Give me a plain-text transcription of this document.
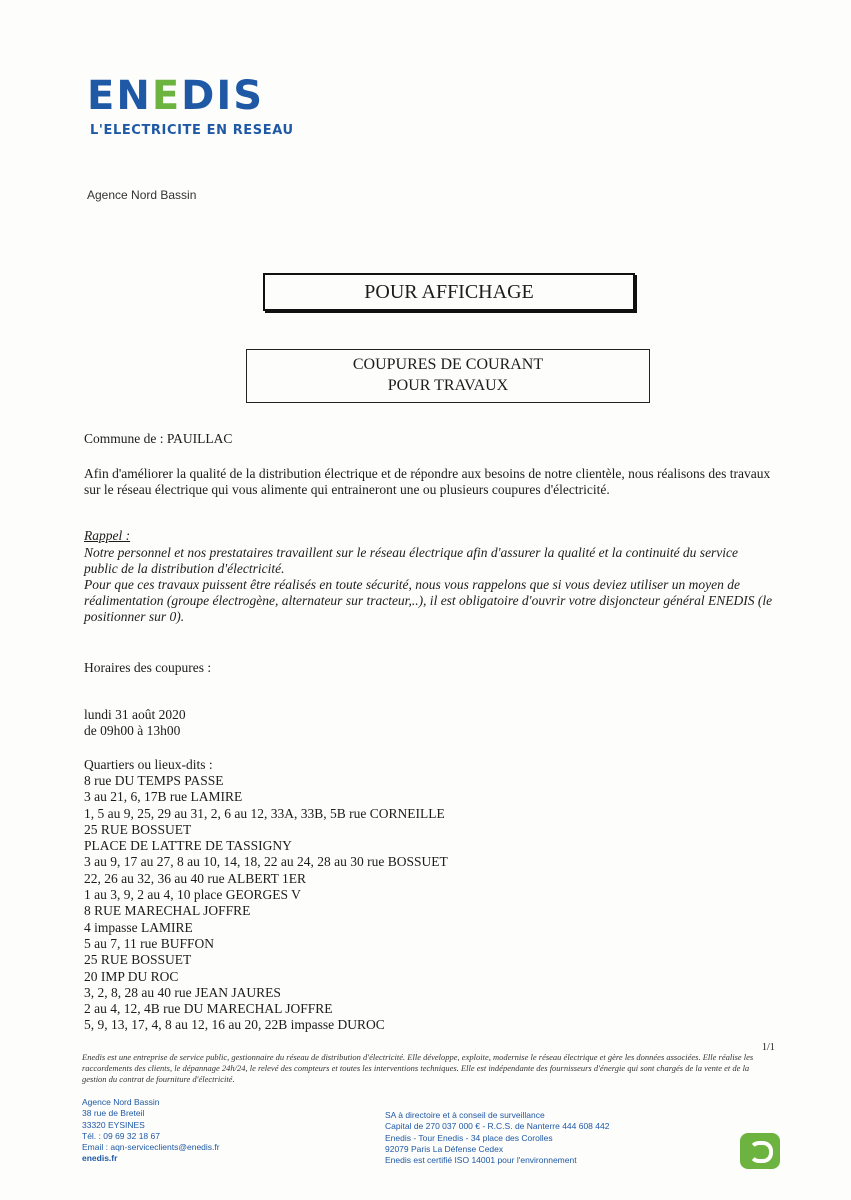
ENEDIS
L'ELECTRICITE EN RESEAU
Agence Nord Bassin
POUR AFFICHAGE
COUPURES DE COURANT
POUR TRAVAUX
Commune de : PAUILLAC
Afin d'améliorer la qualité de la distribution électrique et de répondre aux besoins de notre clientèle, nous réalisons des travaux sur le réseau électrique qui vous alimente qui entraineront une ou plusieurs coupures d'électricité.
Rappel :

Notre personnel et nos prestataires travaillent sur le réseau électrique afin d'assurer la qualité et la continuité du service public de la distribution d'électricité.

Pour que ces travaux puissent être réalisés en toute sécurité, nous vous rappelons que si vous deviez utiliser un moyen de réalimentation (groupe électrogène, alternateur sur tracteur,..), il est obligatoire d'ouvrir votre disjoncteur général ENEDIS (le positionner sur 0).

Horaires des coupures :
lundi 31 août 2020
de 09h00 à 13h00
Quartiers ou lieux-dits :
8 rue DU TEMPS PASSE
3 au 21, 6, 17B rue LAMIRE
1, 5 au 9, 25, 29 au 31, 2, 6 au 12, 33A, 33B, 5B rue CORNEILLE
25 RUE BOSSUET
PLACE DE LATTRE DE TASSIGNY
3 au 9, 17 au 27, 8 au 10, 14, 18, 22 au 24, 28 au 30 rue BOSSUET
22, 26 au 32, 36 au 40 rue ALBERT 1ER
1 au 3, 9, 2 au 4, 10 place GEORGES V
8 RUE MARECHAL JOFFRE
4 impasse LAMIRE
5 au 7, 11 rue BUFFON
25 RUE BOSSUET
20 IMP DU ROC
3, 2, 8, 28 au 40 rue JEAN JAURES
2 au 4, 12, 4B rue DU MARECHAL JOFFRE
5, 9, 13, 17, 4, 8 au 12, 16 au 20, 22B impasse DUROC
1/1
Enedis est une entreprise de service public, gestionnaire du réseau de distribution d'électricité. Elle développe, exploite, modernise le réseau électrique et gère les données associées. Elle réalise les raccordements des clients, le dépannage 24h/24, le relevé des compteurs et toutes les interventions techniques. Elle est indépendante des fournisseurs d'énergie qui sont chargés de la vente et de la gestion du contrat de fourniture d'électricité.
Agence Nord Bassin
38 rue de Breteil
33320 EYSINES
Tél. : 09 69 32 18 67
Email : aqn-serviceclients@enedis.fr
enedis.fr
SA à directoire et à conseil de surveillance
Capital de 270 037 000 € - R.C.S. de Nanterre 444 608 442
Enedis - Tour Enedis - 34 place des Corolles
92079 Paris La Défense Cedex
Enedis est certifié ISO 14001 pour l'environnement
